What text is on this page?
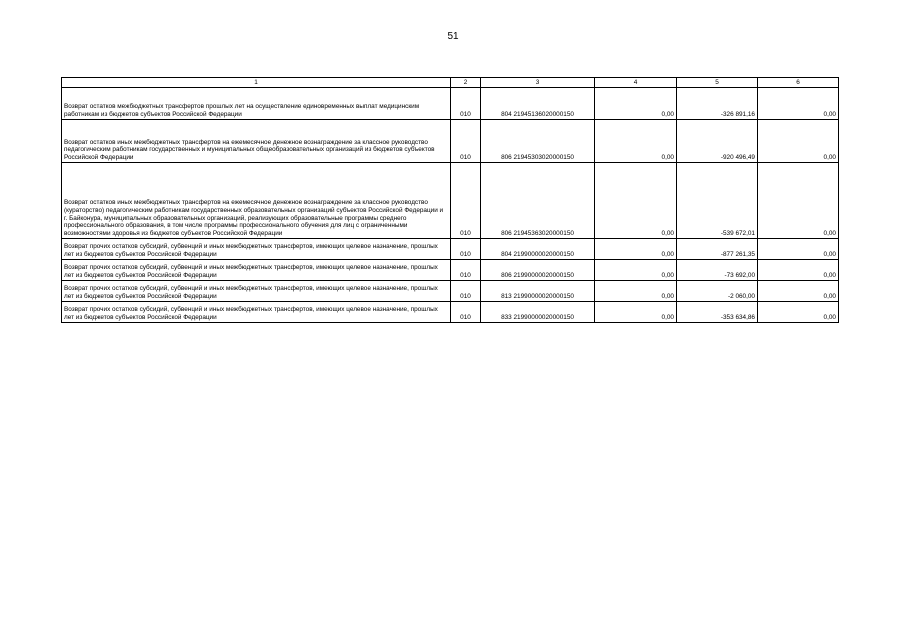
51
1	2	3	4	5	6
Возврат остатков межбюджетных трансфертов прошлых лет на осуществление единовременных выплат медицинским работникам из бюджетов субъектов Российской Федерации	010	804 21945136020000150	0,00	-326 891,16	0,00
Возврат остатков иных межбюджетных трансфертов на ежемесячное денежное вознаграждение за классное руководство педагогическим работникам государственных и муниципальных общеобразовательных организаций из бюджетов субъектов Российской Федерации	010	806 21945303020000150	0,00	-920 496,49	0,00
Возврат остатков иных межбюджетных трансфертов на ежемесячное денежное вознаграждение за классное руководство (кураторство) педагогическим работникам государственных образовательных организаций субъектов Российской Федерации и г. Байконура, муниципальных образовательных организаций, реализующих образовательные программы среднего профессионального образования, в том числе программы профессионального обучения для лиц с ограниченными возможностями здоровья из бюджетов субъектов Российской Федерации	010	806 21945363020000150	0,00	-539 672,01	0,00
Возврат прочих остатков субсидий, субвенций и иных межбюджетных трансфертов, имеющих целевое назначение, прошлых лет из бюджетов субъектов Российской Федерации	010	804 21990000020000150	0,00	-877 261,35	0,00
Возврат прочих остатков субсидий, субвенций и иных межбюджетных трансфертов, имеющих целевое назначение, прошлых лет из бюджетов субъектов Российской Федерации	010	806 21990000020000150	0,00	-73 692,00	0,00
Возврат прочих остатков субсидий, субвенций и иных межбюджетных трансфертов, имеющих целевое назначение, прошлых лет из бюджетов субъектов Российской Федерации	010	813 21990000020000150	0,00	-2 060,00	0,00
Возврат прочих остатков субсидий, субвенций и иных межбюджетных трансфертов, имеющих целевое назначение, прошлых лет из бюджетов субъектов Российской Федерации	010	833 21990000020000150	0,00	-353 634,86	0,00
